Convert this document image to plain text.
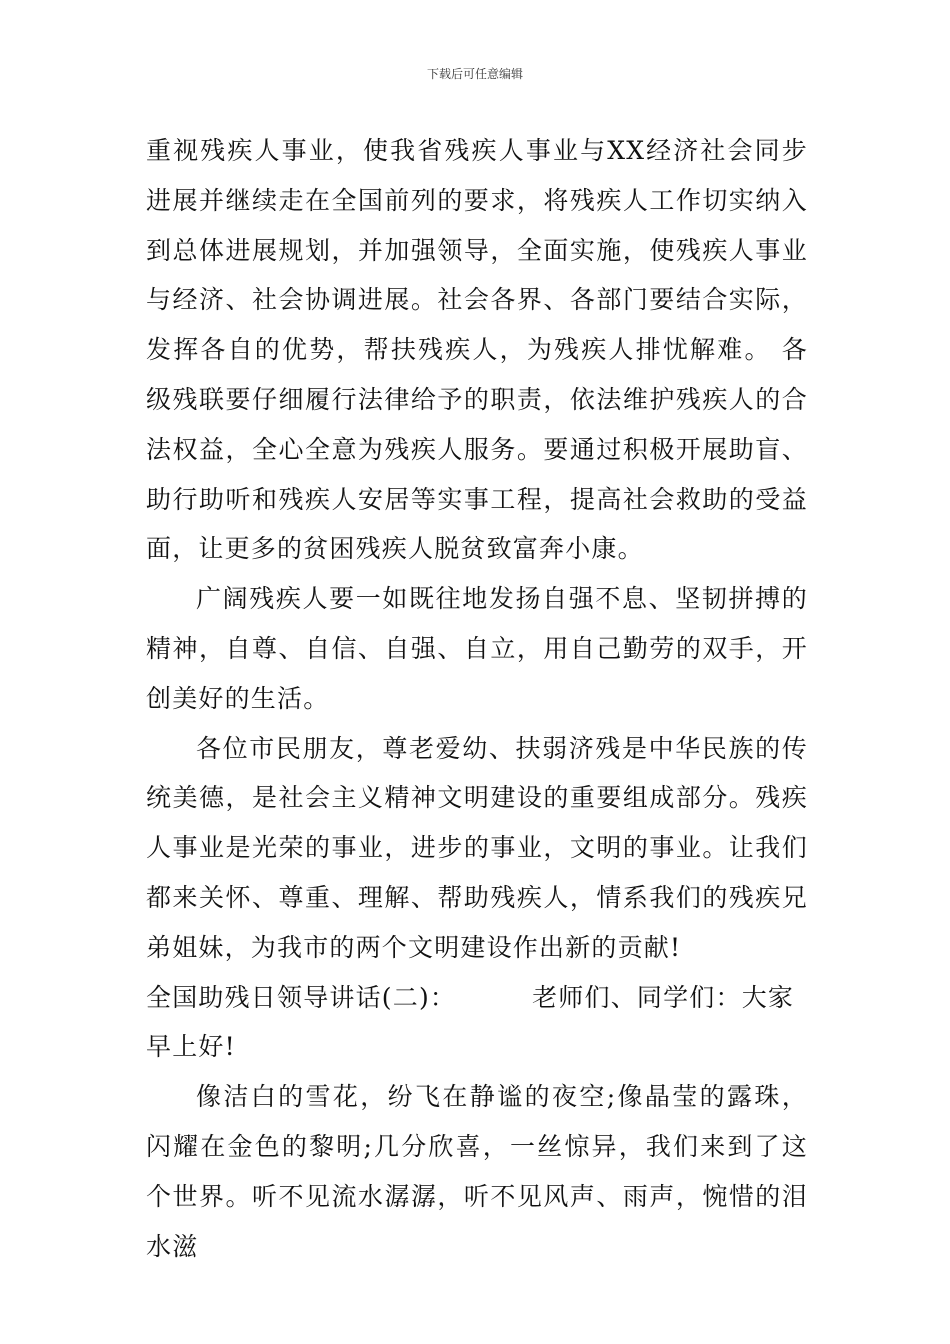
下载后可任意编辑

重视残疾人事业，使我省残疾人事业与XX经济社会同步进展并继续走在全国前列的要求，将残疾人工作切实纳入到总体进展规划，并加强领导，全面实施，使残疾人事业与经济、社会协调进展。社会各界、各部门要结合实际，发挥各自的优势，帮扶残疾人，为残疾人排忧解难。 各级残联要仔细履行法律给予的职责，依法维护残疾人的合法权益，全心全意为残疾人服务。要通过积极开展助盲、助行助听和残疾人安居等实事工程，提高社会救助的受益面，让更多的贫困残疾人脱贫致富奔小康。

广阔残疾人要一如既往地发扬自强不息、坚韧拼搏的精神，自尊、自信、自强、自立，用自己勤劳的双手，开创美好的生活。

各位市民朋友，尊老爱幼、扶弱济残是中华民族的传统美德，是社会主义精神文明建设的重要组成部分。残疾人事业是光荣的事业，进步的事业，文明的事业。让我们都来关怀、尊重、理解、帮助残疾人，情系我们的残疾兄弟姐妹，为我市的两个文明建设作出新的贡献!

全国助残日领导讲话(二)：	老师们、同学们：大家早上好!

像洁白的雪花，纷飞在静谧的夜空;像晶莹的露珠，闪耀在金色的黎明;几分欣喜，一丝惊异，我们来到了这个世界。听不见流水潺潺，听不见风声、雨声，惋惜的泪水滋
